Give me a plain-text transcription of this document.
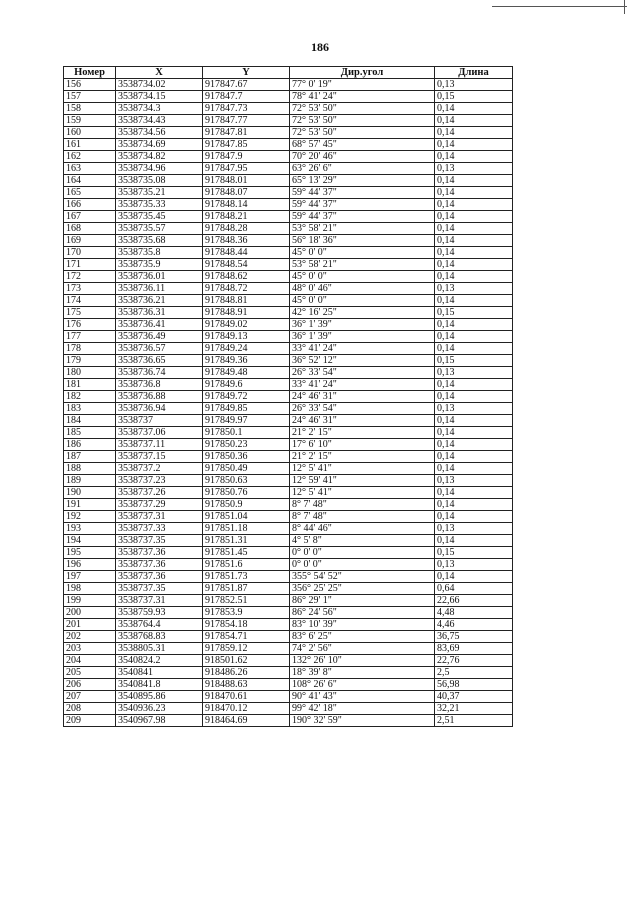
186
Номер	X	Y	Дир.угол	Длина
156	3538734.02	917847.67	77° 0' 19"	0,13
157	3538734.15	917847.7	78° 41' 24"	0,15
158	3538734.3	917847.73	72° 53' 50"	0,14
159	3538734.43	917847.77	72° 53' 50"	0,14
160	3538734.56	917847.81	72° 53' 50"	0,14
161	3538734.69	917847.85	68° 57' 45"	0,14
162	3538734.82	917847.9	70° 20' 46"	0,14
163	3538734.96	917847.95	63° 26' 6"	0,13
164	3538735.08	917848.01	65° 13' 29"	0,14
165	3538735.21	917848.07	59° 44' 37"	0,14
166	3538735.33	917848.14	59° 44' 37"	0,14
167	3538735.45	917848.21	59° 44' 37"	0,14
168	3538735.57	917848.28	53° 58' 21"	0,14
169	3538735.68	917848.36	56° 18' 36"	0,14
170	3538735.8	917848.44	45° 0' 0"	0,14
171	3538735.9	917848.54	53° 58' 21"	0,14
172	3538736.01	917848.62	45° 0' 0"	0,14
173	3538736.11	917848.72	48° 0' 46"	0,13
174	3538736.21	917848.81	45° 0' 0"	0,14
175	3538736.31	917848.91	42° 16' 25"	0,15
176	3538736.41	917849.02	36° 1' 39"	0,14
177	3538736.49	917849.13	36° 1' 39"	0,14
178	3538736.57	917849.24	33° 41' 24"	0,14
179	3538736.65	917849.36	36° 52' 12"	0,15
180	3538736.74	917849.48	26° 33' 54"	0,13
181	3538736.8	917849.6	33° 41' 24"	0,14
182	3538736.88	917849.72	24° 46' 31"	0,14
183	3538736.94	917849.85	26° 33' 54"	0,13
184	3538737	917849.97	24° 46' 31"	0,14
185	3538737.06	917850.1	21° 2' 15"	0,14
186	3538737.11	917850.23	17° 6' 10"	0,14
187	3538737.15	917850.36	21° 2' 15"	0,14
188	3538737.2	917850.49	12° 5' 41"	0,14
189	3538737.23	917850.63	12° 59' 41"	0,13
190	3538737.26	917850.76	12° 5' 41"	0,14
191	3538737.29	917850.9	8° 7' 48"	0,14
192	3538737.31	917851.04	8° 7' 48"	0,14
193	3538737.33	917851.18	8° 44' 46"	0,13
194	3538737.35	917851.31	4° 5' 8"	0,14
195	3538737.36	917851.45	0° 0' 0"	0,15
196	3538737.36	917851.6	0° 0' 0"	0,13
197	3538737.36	917851.73	355° 54' 52"	0,14
198	3538737.35	917851.87	356° 25' 25"	0,64
199	3538737.31	917852.51	86° 29' 1"	22,66
200	3538759.93	917853.9	86° 24' 56"	4,48
201	3538764.4	917854.18	83° 10' 39"	4,46
202	3538768.83	917854.71	83° 6' 25"	36,75
203	3538805.31	917859.12	74° 2' 56"	83,69
204	3540824.2	918501.62	132° 26' 10"	22,76
205	3540841	918486.26	18° 39' 8"	2,5
206	3540841.8	918488.63	108° 26' 6"	56,98
207	3540895.86	918470.61	90° 41' 43"	40,37
208	3540936.23	918470.12	99° 42' 18"	32,21
209	3540967.98	918464.69	190° 32' 59"	2,51
